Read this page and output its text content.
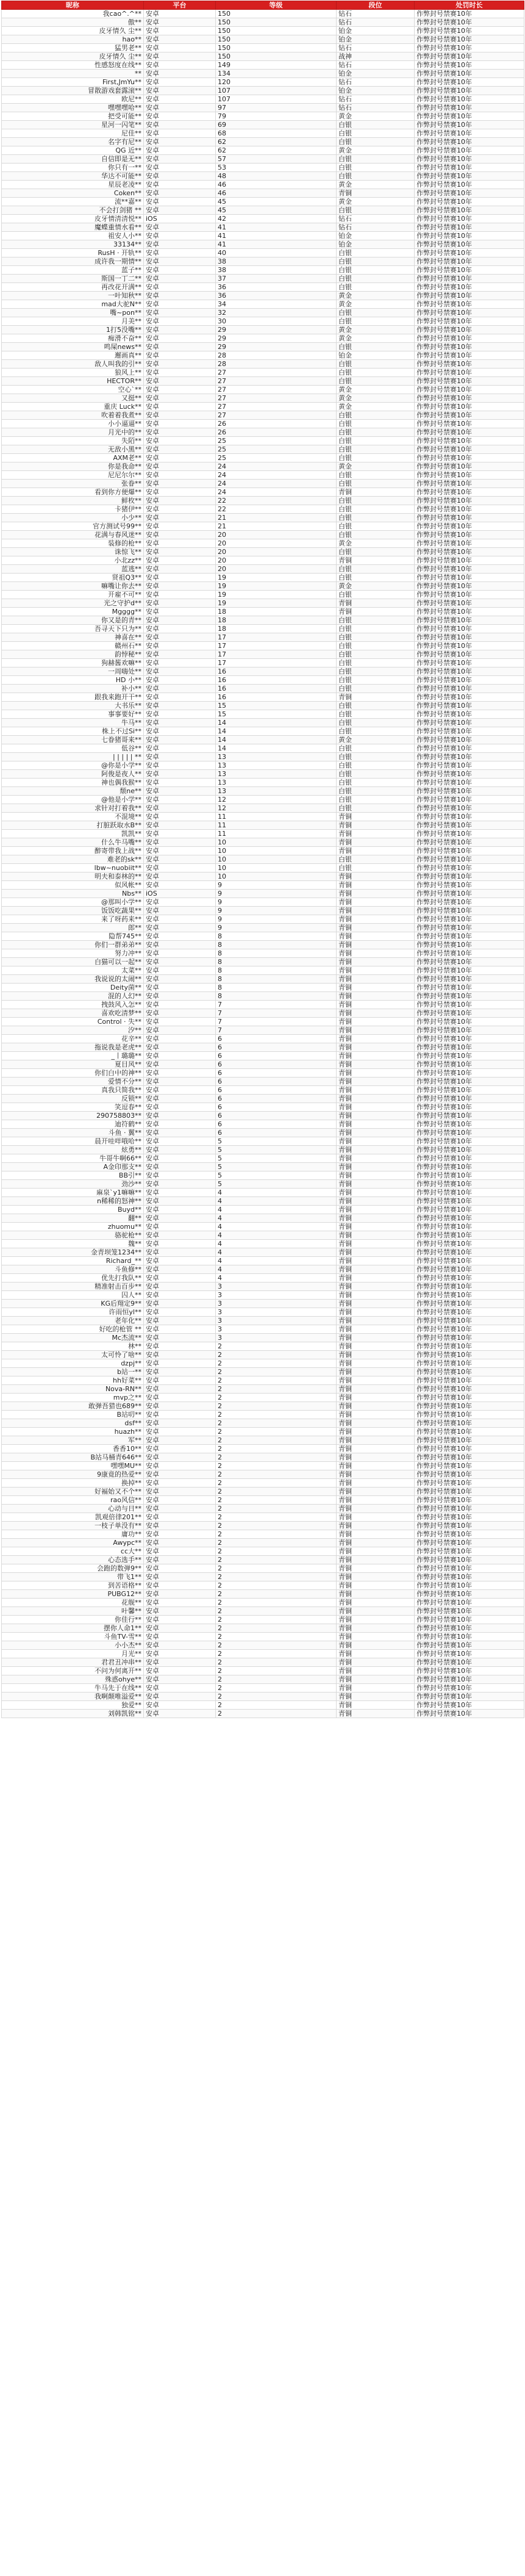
昵称	平台	等级	段位	处罚时长
我cao^.^**	安卓	150	钻石	作弊封号禁赛10年
傲**	安卓	150	钻石	作弊封号禁赛10年
皮牙情久 尘**	安卓	150	铂金	作弊封号禁赛10年
hao**	安卓	150	铂金	作弊封号禁赛10年
猛男老**	安卓	150	钻石	作弊封号禁赛10年
皮牙情久 尘**	安卓	150	战神	作弊封号禁赛10年
性感怒度在线**	安卓	149	钻石	作弊封号禁赛10年
**	安卓	134	铂金	作弊封号禁赛10年
First,JmYu**	安卓	120	钻石	作弊封号禁赛10年
冒散游戏套露滚**	安卓	107	铂金	作弊封号禁赛10年
欧尼**	安卓	107	钻石	作弊封号禁赛10年
嘿嘿嘿哈**	安卓	97	钻石	作弊封号禁赛10年
把受可能**	安卓	79	黄金	作弊封号禁赛10年
星河一闪笔**	安卓	69	白银	作弊封号禁赛10年
尼佳**	安卓	68	白银	作弊封号禁赛10年
名字有尼**	安卓	62	白银	作弊封号禁赛10年
QG 近**	安卓	62	黄金	作弊封号禁赛10年
自信即是无**	安卓	57	白银	作弊封号禁赛10年
你只有一**	安卓	53	白银	作弊封号禁赛10年
华达不可能**	安卓	48	白银	作弊封号禁赛10年
星辰老凌**	安卓	46	黄金	作弊封号禁赛10年
Coken**	安卓	46	青铜	作弊封号禁赛10年
流**嘉**	安卓	45	黄金	作弊封号禁赛10年
不会打剑猪 **	安卓	45	白银	作弊封号禁赛10年
皮牙情清清悦**	iOS	42	钻石	作弊封号禁赛10年
魔蝶重情水看**	安卓	41	钻石	作弊封号禁赛10年
祖安人小**	安卓	41	铂金	作弊封号禁赛10年
33134**	安卓	41	铂金	作弊封号禁赛10年
RusH · 开轨**	安卓	40	白银	作弊封号禁赛10年
成许我一期情**	安卓	38	白银	作弊封号禁赛10年
蓝子**	安卓	38	白银	作弊封号禁赛10年
斯国一丁二**	安卓	37	白银	作弊封号禁赛10年
再改花开满**	安卓	36	白银	作弊封号禁赛10年
一叶知秋**	安卓	36	黄金	作弊封号禁赛10年
mad大驼N**	安卓	34	黄金	作弊封号禁赛10年
嘴~pon**	安卓	32	白银	作弊封号禁赛10年
月美**	安卓	30	白银	作弊封号禁赛10年
1打5没嘴**	安卓	29	黄金	作弊封号禁赛10年
痴滑不奋**	安卓	29	黄金	作弊封号禁赛10年
鸣屎news**	安卓	29	白银	作弊封号禁赛10年
邂画真**	安卓	28	铂金	作弊封号禁赛10年
敌人叫我的引**	安卓	28	白银	作弊封号禁赛10年
狼风上**	安卓	27	白银	作弊封号禁赛10年
HECTOR**	安卓	27	白银	作弊封号禁赛10年
空心`**	安卓	27	黄金	作弊封号禁赛10年
又挺**	安卓	27	黄金	作弊封号禁赛10年
重庆 Luck**	安卓	27	黄金	作弊封号禁赛10年
吹着着我煮**	安卓	27	白银	作弊封号禁赛10年
小小逼逼**	安卓	26	白银	作弊封号禁赛10年
月光中的**	安卓	26	白银	作弊封号禁赛10年
失陌**	安卓	25	白银	作弊封号禁赛10年
无敌小黑**	安卓	25	白银	作弊封号禁赛10年
AXM老**	安卓	25	白银	作弊封号禁赛10年
你是我命**	安卓	24	黄金	作弊封号禁赛10年
尼尼尔尔**	安卓	24	白银	作弊封号禁赛10年
张眷**	安卓	24	白银	作弊封号禁赛10年
看到你方便爆**	安卓	24	青铜	作弊封号禁赛10年
鲜枚**	安卓	22	白银	作弊封号禁赛10年
卡猪伊**	安卓	22	白银	作弊封号禁赛10年
小少**	安卓	21	白银	作弊封号禁赛10年
官方测试号99**	安卓	21	白银	作弊封号禁赛10年
花满与春风迷**	安卓	20	白银	作弊封号禁赛10年
装修的枪**	安卓	20	黄金	作弊封号禁赛10年
诛惊飞**	安卓	20	白银	作弊封号禁赛10年
小北zz**	安卓	20	青铜	作弊封号禁赛10年
蓝逃**	安卓	20	白银	作弊封号禁赛10年
贤祖Q3**	安卓	19	白银	作弊封号禁赛10年
嘛嘴让你去**	安卓	19	黄金	作弊封号禁赛10年
开雇不可**	安卓	19	白银	作弊封号禁赛10年
光之守护d**	安卓	19	青铜	作弊封号禁赛10年
Mgggg**	安卓	18	青铜	作弊封号禁赛10年
你又是的青**	安卓	18	白银	作弊封号禁赛10年
吾寻天下只为**	安卓	18	白银	作弊封号禁赛10年
神喜在**	安卓	17	白银	作弊封号禁赛10年
赣州石**	安卓	17	白银	作弊封号禁赛10年
韵悖秘**	安卓	17	白银	作弊封号禁赛10年
狗赫酱欢嘛**	安卓	17	白银	作弊封号禁赛10年
一周嗨处**	安卓	16	白银	作弊封号禁赛10年
HD 小**	安卓	16	白银	作弊封号禁赛10年
补小**	安卓	16	白银	作弊封号禁赛10年
跟我来跑开干**	安卓	16	青铜	作弊封号禁赛10年
大书乐**	安卓	15	白银	作弊封号禁赛10年
事事要好**	安卓	15	白银	作弊封号禁赛10年
牛马**	安卓	14	白银	作弊封号禁赛10年
株上不过Si**	安卓	14	白银	作弊封号禁赛10年
七眷猪哥来**	安卓	14	黄金	作弊封号禁赛10年
低谷**	安卓	14	白银	作弊封号禁赛10年
| | | | | **	安卓	13	白银	作弊封号禁赛10年
@你是小学**	安卓	13	白银	作弊封号禁赛10年
阿俊是夜人**	安卓	13	白银	作弊封号禁赛10年
神也偶我猴**	安卓	13	白银	作弊封号禁赛10年
颓ne**	安卓	13	白银	作弊封号禁赛10年
@他是小学**	安卓	12	白银	作弊封号禁赛10年
求针对打着我**	安卓	12	白银	作弊封号禁赛10年
不混境**	安卓	11	青铜	作弊封号禁赛10年
打脏跃取水B**	安卓	11	青铜	作弊封号禁赛10年
凯凯**	安卓	11	青铜	作弊封号禁赛10年
什么牛马嘴**	安卓	10	青铜	作弊封号禁赛10年
醉寄带我上战**	安卓	10	青铜	作弊封号禁赛10年
难老的sk**	安卓	10	白银	作弊封号禁赛10年
lbw~nuobiit**	安卓	10	白银	作弊封号禁赛10年
明夫和泰林的**	安卓	10	青铜	作弊封号禁赛10年
似风帐**	安卓	9	青铜	作弊封号禁赛10年
Nbs**	iOS	9	青铜	作弊封号禁赛10年
@那叫小学**	安卓	9	青铜	作弊封号禁赛10年
饭饭吃蔬果**	安卓	9	青铜	作弊封号禁赛10年
来了呀药来**	安卓	9	青铜	作弊封号禁赛10年
郎**	安卓	9	青铜	作弊封号禁赛10年
隐帮745**	安卓	8	青铜	作弊封号禁赛10年
你们一群弟弟**	安卓	8	青铜	作弊封号禁赛10年
努力冲**	安卓	8	青铜	作弊封号禁赛10年
白猫可以一起**	安卓	8	青铜	作弊封号禁赛10年
太菜**	安卓	8	青铜	作弊封号禁赛10年
我说说的太闹**	安卓	8	青铜	作弊封号禁赛10年
Deity菌**	安卓	8	青铜	作弊封号禁赛10年
混的人幻**	安卓	8	青铜	作弊封号禁赛10年
拽鼓风入怎**	安卓	7	青铜	作弊封号禁赛10年
喜欢吃清梦**	安卓	7	青铜	作弊封号禁赛10年
Control · 失**	安卓	7	青铜	作弊封号禁赛10年
汐**	安卓	7	青铜	作弊封号禁赛10年
花辛**	安卓	6	青铜	作弊封号禁赛10年
拖说我是老虎**	安卓	6	青铜	作弊封号禁赛10年
_丨璐璐**	安卓	6	青铜	作弊封号禁赛10年
夏目风**	安卓	6	青铜	作弊封号禁赛10年
你们白中的神**	安卓	6	青铜	作弊封号禁赛10年
爱情不分**	安卓	6	青铜	作弊封号禁赛10年
真我只简我**	安卓	6	青铜	作弊封号禁赛10年
反锁**	安卓	6	青铜	作弊封号禁赛10年
笑逗春**	安卓	6	青铜	作弊封号禁赛10年
290758803**	安卓	6	青铜	作弊封号禁赛10年
迪符鹤**	安卓	6	青铜	作弊封号禁赛10年
斗鱼 · 翼**	安卓	6	青铜	作弊封号禁赛10年
晨开哇咩哦哈**	安卓	5	青铜	作弊封号禁赛10年
炫勇**	安卓	5	青铜	作弊封号禁赛10年
牛哥牛啊66**	安卓	5	青铜	作弊封号禁赛10年
A金印那支**	安卓	5	青铜	作弊封号禁赛10年
BB引**	安卓	5	青铜	作弊封号禁赛10年
劲沙**	安卓	5	青铜	作弊封号禁赛10年
麻泉`y1嘛嘛**	安卓	4	青铜	作弊封号禁赛10年
n稀稀的怒神**	安卓	4	青铜	作弊封号禁赛10年
Buyd**	安卓	4	青铜	作弊封号禁赛10年
翻**	安卓	4	青铜	作弊封号禁赛10年
zhuomu**	安卓	4	青铜	作弊封号禁赛10年
骆驼枪**	安卓	4	青铜	作弊封号禁赛10年
魏**	安卓	4	青铜	作弊封号禁赛10年
金青坝笼1234**	安卓	4	青铜	作弊封号禁赛10年
Richard_**	安卓	4	青铜	作弊封号禁赛10年
斗鱼修**	安卓	4	青铜	作弊封号禁赛10年
优先打我队**	安卓	4	青铜	作弊封号禁赛10年
精准射击百步**	安卓	3	青铜	作弊封号禁赛10年
囚人**	安卓	3	青铜	作弊封号禁赛10年
KG后翔定9**	安卓	3	青铜	作弊封号禁赛10年
许雨恒yl**	安卓	3	青铜	作弊封号禁赛10年
老年化**	安卓	3	青铜	作弊封号禁赛10年
好吃的枪管 **	安卓	3	青铜	作弊封号禁赛10年
Mc杰流**	安卓	3	青铜	作弊封号禁赛10年
林**	安卓	2	青铜	作弊封号禁赛10年
太可怜了啥**	安卓	2	青铜	作弊封号禁赛10年
dzpj**	安卓	2	青铜	作弊封号禁赛10年
b站一**	安卓	2	青铜	作弊封号禁赛10年
hh好菜**	安卓	2	青铜	作弊封号禁赛10年
Nova-RN**	安卓	2	青铜	作弊封号禁赛10年
mvp之**	安卓	2	青铜	作弊封号禁赛10年
敢弹吾猎也689**	安卓	2	青铜	作弊封号禁赛10年
B站叨**	安卓	2	青铜	作弊封号禁赛10年
dsf**	安卓	2	青铜	作弊封号禁赛10年
huazh**	安卓	2	青铜	作弊封号禁赛10年
军**	安卓	2	青铜	作弊封号禁赛10年
香香10**	安卓	2	青铜	作弊封号禁赛10年
B站马桶青646**	安卓	2	青铜	作弊封号禁赛10年
嘿嘿MU**	安卓	2	青铜	作弊封号禁赛10年
9康竟的热爱**	安卓	2	青铜	作弊封号禁赛10年
换掉**	安卓	2	青铜	作弊封号禁赛10年
好褔始又不个**	安卓	2	青铜	作弊封号禁赛10年
rao风信**	安卓	2	青铜	作弊封号禁赛10年
心动与日**	安卓	2	青铜	作弊封号禁赛10年
凯观倍律201**	安卓	2	青铜	作弊封号禁赛10年
一枝子单没有**	安卓	2	青铜	作弊封号禁赛10年
庸功**	安卓	2	青铜	作弊封号禁赛10年
Awypc**	安卓	2	青铜	作弊封号禁赛10年
cc大**	安卓	2	青铜	作弊封号禁赛10年
心态选手**	安卓	2	青铜	作弊封号禁赛10年
会跑的数弹9**	安卓	2	青铜	作弊封号禁赛10年
带飞1**	安卓	2	青铜	作弊封号禁赛10年
到苦语格**	安卓	2	青铜	作弊封号禁赛10年
PUBG12**	安卓	2	青铜	作弊封号禁赛10年
花舰**	安卓	2	青铜	作弊封号禁赛10年
叶馨**	安卓	2	青铜	作弊封号禁赛10年
你佳行**	安卓	2	青铜	作弊封号禁赛10年
摆你人命1**	安卓	2	青铜	作弊封号禁赛10年
斗鱼TV-雪**	安卓	2	青铜	作弊封号禁赛10年
小小杰**	安卓	2	青铜	作弊封号禁赛10年
月光**	安卓	2	青铜	作弊封号禁赛10年
君君丑冲串**	安卓	2	青铜	作弊封号禁赛10年
不问为何离开**	安卓	2	青铜	作弊封号禁赛10年
殊惑ohye**	安卓	2	青铜	作弊封号禁赛10年
牛马先于在线**	安卓	2	青铜	作弊封号禁赛10年
我啊颠唯溢爱**	安卓	2	青铜	作弊封号禁赛10年
独爱**	安卓	2	青铜	作弊封号禁赛10年
刘韩凯铭**	安卓	2	青铜	作弊封号禁赛10年
